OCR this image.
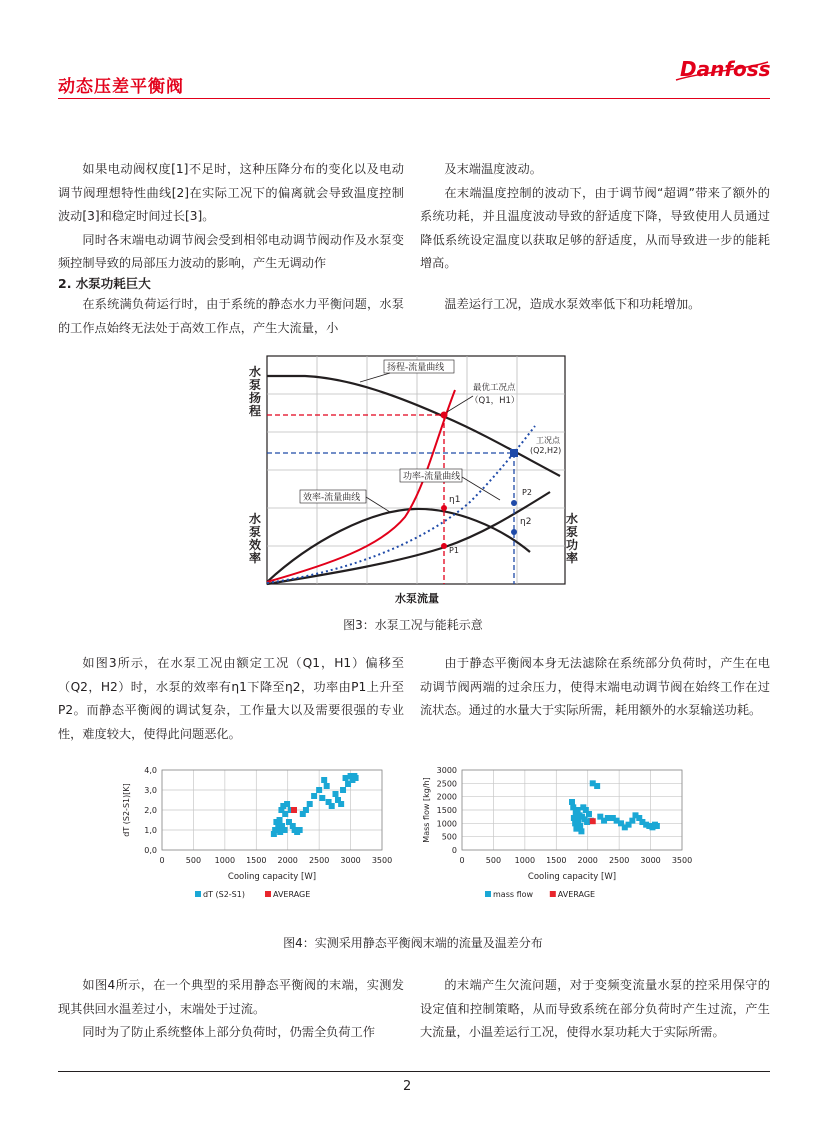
动态压差平衡阀
Danfoss

如果电动阀权度[1]不足时，这种压降分布的变化以及电动调节阀理想特性曲线[2]在实际工况下的偏离就会导致温度控制波动[3]和稳定时间过长[3]。

同时各末端电动调节阀会受到相邻电动调节阀动作及水泵变频控制导致的局部压力波动的影响，产生无调动作

及末端温度波动。

在末端温度控制的波动下，由于调节阀“超调”带来了额外的系统功耗，并且温度波动导致的舒适度下降，导致使用人员通过降低系统设定温度以获取足够的舒适度，从而导致进一步的能耗增高。

2. 水泵功耗巨大

在系统满负荷运行时，由于系统的静态水力平衡问题，水泵的工作点始终无法处于高效工作点，产生大流量，小

温差运行工况，造成水泵效率低下和功耗增加。

扬程-流量曲线
功率-流量曲线
效率-流量曲线
最优工况点
（Q1，H1）
工况点
(Q2,H2)
η1
η2
P1
P2
水泵流量
水泵扬程
水泵效率
水泵功率
图3：水泵工况与能耗示意

如图3所示，在水泵工况由额定工况（Q1，H1）偏移至（Q2，H2）时，水泵的效率有η1下降至η2，功率由P1上升至P2。而静态平衡阀的调试复杂，工作量大以及需要很强的专业性，难度较大，使得此问题恶化。

由于静态平衡阀本身无法滤除在系统部分负荷时，产生在电动调节阀两端的过余压力，使得末端电动调节阀在始终工作在过流状态。通过的水量大于实际所需，耗用额外的水泵输送功耗。

0,0
1,0
2,0
3,0
4,0
0	500 1000 1500 2000 2500 3000 3500
Cooling capacity [W]
dT (S2-S1)[K]
dT (S2-S1)	AVERAGE
0
500
1000
1500
2000
2500
3000
0	500 1000 1500 2000 2500 3000 3500
Cooling capacity [W]
Mass flow [kg/h]
mass flow	AVERAGE
图4：实测采用静态平衡阀末端的流量及温差分布

如图4所示，在一个典型的采用静态平衡阀的末端，实测发现其供回水温差过小，末端处于过流。

同时为了防止系统整体上部分负荷时，仍需全负荷工作

的末端产生欠流问题，对于变频变流量水泵的控采用保守的设定值和控制策略，从而导致系统在部分负荷时产生过流，产生大流量，小温差运行工况，使得水泵功耗大于实际所需。

2
